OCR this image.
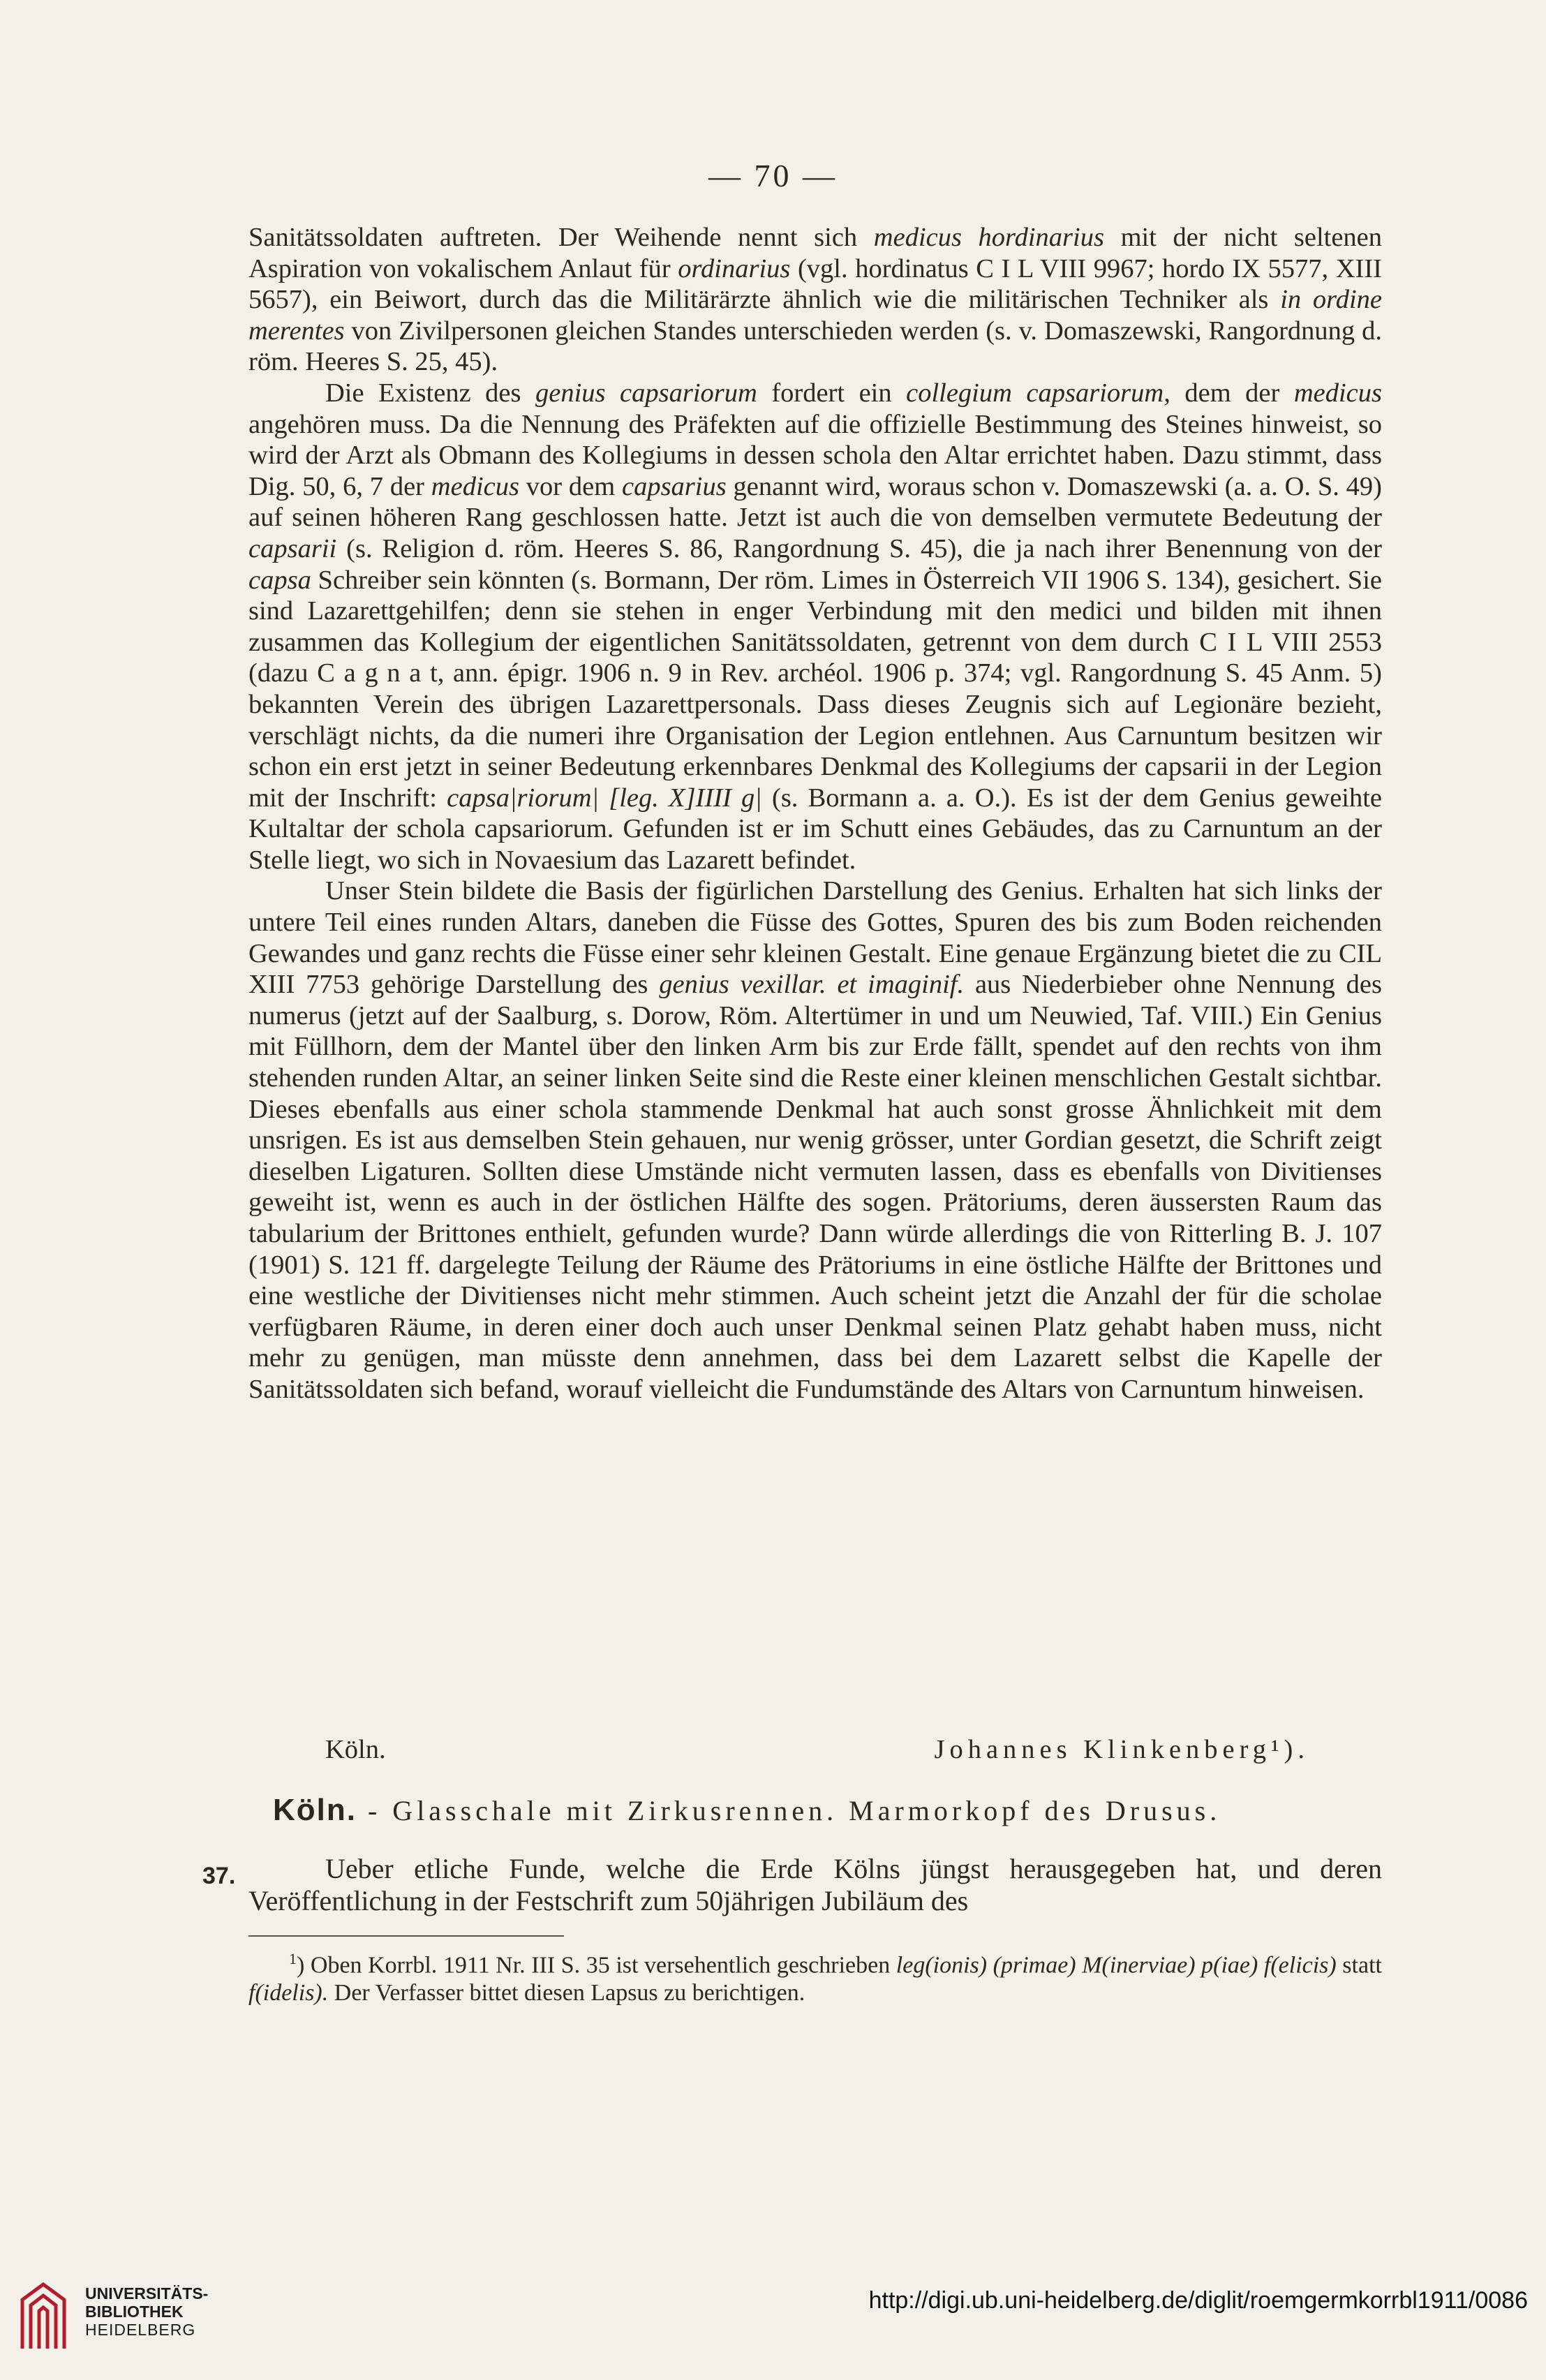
— 70 —

Sanitätssoldaten auftreten. Der Weihende nennt sich medicus hordinarius mit der nicht seltenen Aspiration von vokalischem Anlaut für ordinarius (vgl. hordinatus C I L VIII 9967; hordo IX 5577, XIII 5657), ein Beiwort, durch das die Militärärzte ähnlich wie die militärischen Techniker als in ordine merentes von Zivilpersonen gleichen Standes unterschieden werden (s. v. Domaszewski, Rangordnung d. röm. Heeres S. 25, 45).

Die Existenz des genius capsariorum fordert ein collegium capsariorum, dem der medicus angehören muss. Da die Nennung des Präfekten auf die offizielle Bestimmung des Steines hinweist, so wird der Arzt als Obmann des Kollegiums in dessen schola den Altar errichtet haben. Dazu stimmt, dass Dig. 50, 6, 7 der medicus vor dem capsarius genannt wird, woraus schon v. Domaszewski (a. a. O. S. 49) auf seinen höheren Rang geschlossen hatte. Jetzt ist auch die von demselben vermutete Bedeutung der capsarii (s. Religion d. röm. Heeres S. 86, Rangordnung S. 45), die ja nach ihrer Benennung von der capsa Schreiber sein könnten (s. Bormann, Der röm. Limes in Österreich VII 1906 S. 134), gesichert. Sie sind Lazarettgehilfen; denn sie stehen in enger Verbindung mit den medici und bilden mit ihnen zusammen das Kollegium der eigentlichen Sanitätssoldaten, getrennt von dem durch C I L VIII 2553 (dazu C a g n a t, ann. épigr. 1906 n. 9 in Rev. archéol. 1906 p. 374; vgl. Rangordnung S. 45 Anm. 5) bekannten Verein des übrigen Lazarettpersonals. Dass dieses Zeugnis sich auf Legionäre bezieht, verschlägt nichts, da die numeri ihre Organisation der Legion entlehnen. Aus Carnuntum besitzen wir schon ein erst jetzt in seiner Bedeutung erkennbares Denkmal des Kollegiums der capsarii in der Legion mit der Inschrift: capsa|riorum| [leg. X]IIII g| (s. Bormann a. a. O.). Es ist der dem Genius geweihte Kultaltar der schola capsariorum. Gefunden ist er im Schutt eines Gebäudes, das zu Carnuntum an der Stelle liegt, wo sich in Novaesium das Lazarett befindet.

Unser Stein bildete die Basis der figürlichen Darstellung des Genius. Erhalten hat sich links der untere Teil eines runden Altars, daneben die Füsse des Gottes, Spuren des bis zum Boden reichenden Gewandes und ganz rechts die Füsse einer sehr kleinen Gestalt. Eine genaue Ergänzung bietet die zu CIL XIII 7753 gehörige Darstellung des genius vexillar. et imaginif. aus Niederbieber ohne Nennung des numerus (jetzt auf der Saalburg, s. Dorow, Röm. Altertümer in und um Neuwied, Taf. VIII.) Ein Genius mit Füllhorn, dem der Mantel über den linken Arm bis zur Erde fällt, spendet auf den rechts von ihm stehenden runden Altar, an seiner linken Seite sind die Reste einer kleinen menschlichen Gestalt sichtbar. Dieses ebenfalls aus einer schola stammende Denkmal hat auch sonst grosse Ähnlichkeit mit dem unsrigen. Es ist aus demselben Stein gehauen, nur wenig grösser, unter Gordian gesetzt, die Schrift zeigt dieselben Ligaturen. Sollten diese Umstände nicht vermuten lassen, dass es ebenfalls von Divitienses geweiht ist, wenn es auch in der östlichen Hälfte des sogen. Prätoriums, deren äussersten Raum das tabularium der Brittones enthielt, gefunden wurde? Dann würde allerdings die von Ritterling B. J. 107 (1901) S. 121 ff. dargelegte Teilung der Räume des Prätoriums in eine östliche Hälfte der Brittones und eine westliche der Divitienses nicht mehr stimmen. Auch scheint jetzt die Anzahl der für die scholae verfügbaren Räume, in deren einer doch auch unser Denkmal seinen Platz gehabt haben muss, nicht mehr zu genügen, man müsste denn annehmen, dass bei dem Lazarett selbst die Kapelle der Sanitätssoldaten sich befand, worauf vielleicht die Fundumstände des Altars von Carnuntum hinweisen.

Köln.	Johannes Klinkenberg¹).
Köln. - Glasschale mit Zirkusrennen. Marmorkopf des Drusus.
37.	Ueber etliche Funde, welche die Erde Kölns jüngst herausgegeben hat, und deren Veröffentlichung in der Festschrift zum 50jährigen Jubiläum des

$^1$) Oben Korrbl. 1911 Nr. III S. 35 ist versehentlich geschrieben leg(ionis) (primae) M(inerviae) p(iae) f(elicis) statt f(idelis). Der Verfasser bittet diesen Lapsus zu berichtigen.

UNIVERSITÄTS-
BIBLIOTHEK
HEIDELBERG
http://digi.ub.uni-heidelberg.de/diglit/roemgermkorrbl1911/0086
